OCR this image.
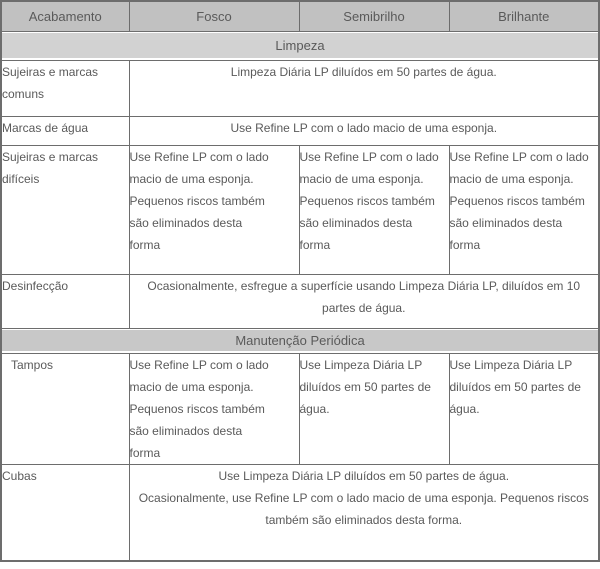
Acabamento	Fosco	Semibrilho	Brilhante

Limpeza			

Sujeiras e marcas comuns	Limpeza Diária LP diluídos em 50 partes de água.		
Marcas de água	Use Refine LP com o lado macio de uma esponja.		
Sujeiras e marcas difíceis	Use Refine LP com o lado macio de uma esponja. Pequenos riscos também são eliminados desta forma	Use Refine LP com o lado macio de uma esponja. Pequenos riscos também são eliminados desta forma	Use Refine LP com o lado macio de uma esponja. Pequenos riscos também são eliminados desta forma

Desinfecção	Ocasionalmente, esfregue a superfície usando Limpeza Diária LP, diluídos em 10 partes de água.		

Manutenção Periódica			

Tampos	Use Refine LP com o lado macio de uma esponja. Pequenos riscos também são eliminados desta forma	Use Limpeza Diária LP diluídos em 50 partes de água.	Use Limpeza Diária LP diluídos em 50 partes de água.

Cubas	Use Limpeza Diária LP diluídos em 50 partes de água.
Ocasionalmente, use Refine LP com o lado macio de uma esponja. Pequenos riscos também são eliminados desta forma.		
